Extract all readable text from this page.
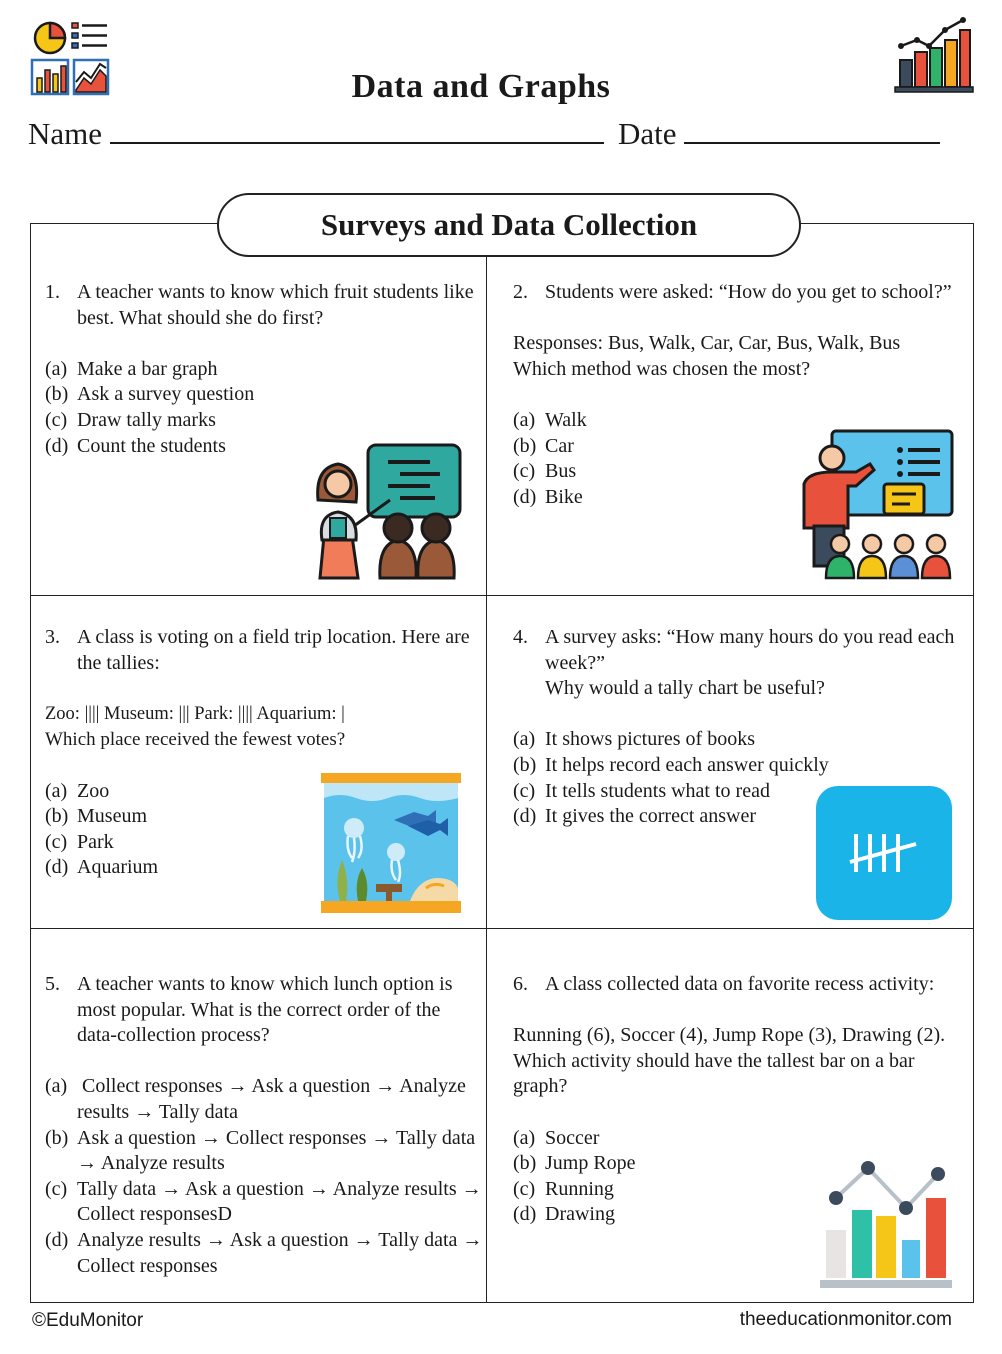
Data and Graphs
Name	Date
Surveys and Data Collection
1. A teacher wants to know which fruit students like best. What should she do first?
(a) Make a bar graph
(b) Ask a survey question
(c) Draw tally marks
(d) Count the students
2. Students were asked: “How do you get to school?”
Responses: Bus, Walk, Car, Car, Bus, Walk, Bus
Which method was chosen the most?
(a) Walk
(b) Car
(c) Bus
(d) Bike
3. A class is voting on a field trip location. Here are the tallies:
Zoo: |||| Museum: ||| Park: |||| Aquarium: |
Which place received the fewest votes?
(a) Zoo
(b) Museum
(c) Park
(d) Aquarium
4. A survey asks: “How many hours do you read each week?”
Why would a tally chart be useful?
(a) It shows pictures of books
(b) It helps record each answer quickly
(c) It tells students what to read
(d) It gives the correct answer
5. A teacher wants to know which lunch option is most popular. What is the correct order of the data-collection process?
(a) Collect responses → Ask a question → Analyze results → Tally data
(b) Ask a question → Collect responses → Tally data → Analyze results
(c) Tally data → Ask a question → Analyze results → Collect responsesD
(d) Analyze results → Ask a question → Tally data → Collect responses
6. A class collected data on favorite recess activity:
Running (6), Soccer (4), Jump Rope (3), Drawing (2).
Which activity should have the tallest bar on a bar graph?
(a) Soccer
(b) Jump Rope
(c) Running
(d) Drawing
©EduMonitor	theeducationmonitor.com
